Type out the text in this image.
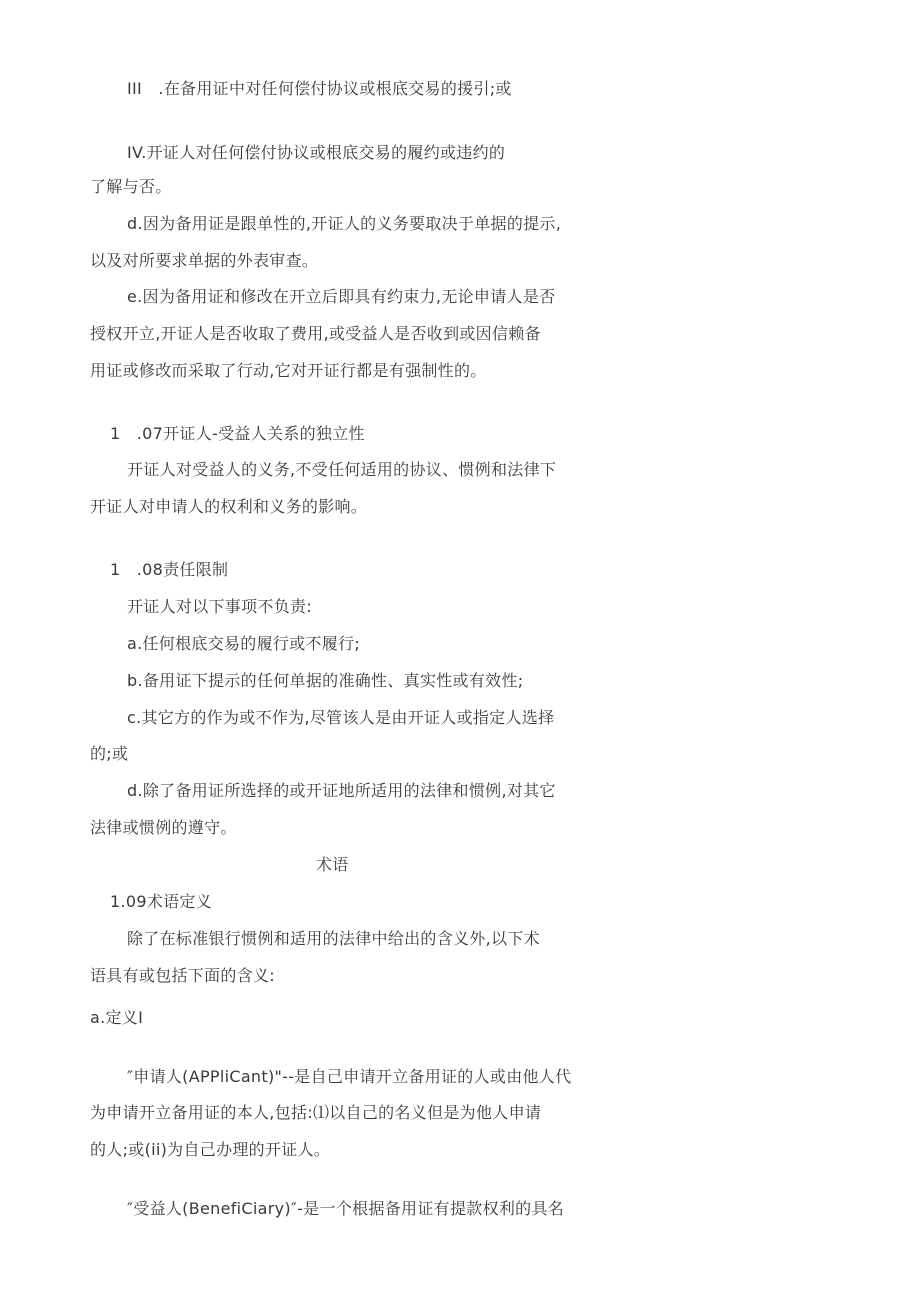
III　.在备用证中对任何偿付协议或根底交易的援引;或
IV.开证人对任何偿付协议或根底交易的履约或违约的
了解与否。
d.因为备用证是跟单性的,开证人的义务要取决于单据的提示,
以及对所要求单据的外表审查。
e.因为备用证和修改在开立后即具有约束力,无论申请人是否
授权开立,开证人是否收取了费用,或受益人是否收到或因信赖备
用证或修改而采取了行动,它对开证行都是有强制性的。
1　.07开证人-受益人关系的独立性
开证人对受益人的义务,不受任何适用的协议、惯例和法律下
开证人对申请人的权利和义务的影响。
1　.08责任限制
开证人对以下事项不负责:
a.任何根底交易的履行或不履行;
b.备用证下提示的任何单据的准确性、真实性或有效性;
c.其它方的作为或不作为,尽管该人是由开证人或指定人选择
的;或
d.除了备用证所选择的或开证地所适用的法律和惯例,对其它
法律或惯例的遵守。
术语
1.09术语定义
除了在标准银行惯例和适用的法律中给出的含义外,以下术
语具有或包括下面的含义:
a.定义I
″申请人(APPliCant)"--是自己申请开立备用证的人或由他人代
为申请开立备用证的本人,包括:⑴以自己的名义但是为他人申请
的人;或(ii)为自己办理的开证人。
″受益人(BenefiCiary)″-是一个根据备用证有提款权利的具名
